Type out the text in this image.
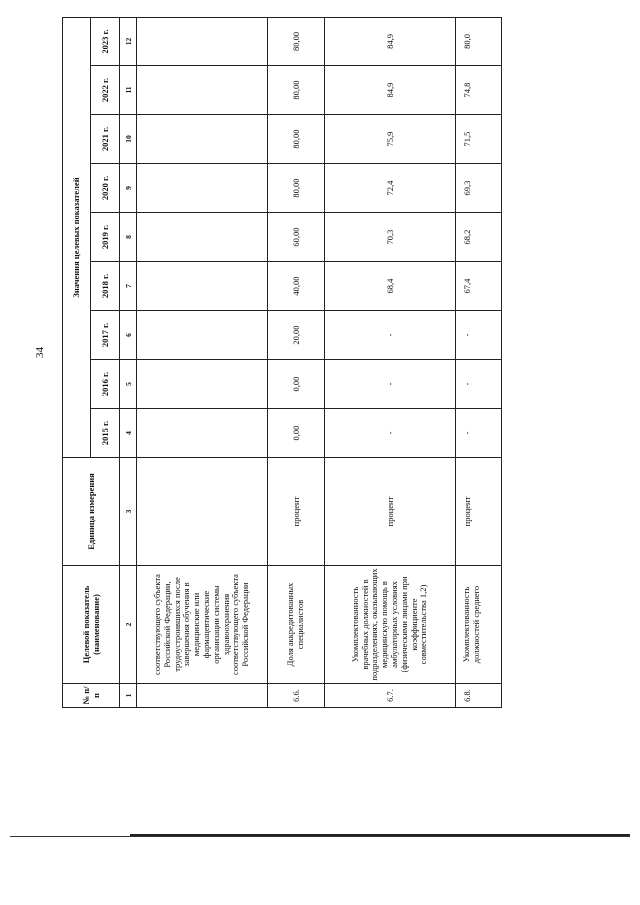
34
№ п/п	Целевой показатель (наименование)	Единица измерения	Значения целевых показателей								
			2015 г.	2016 г.	2017 г.	2018 г.	2019 г.	2020 г.	2021 г.	2022 г.	2023 г.
1	2	3	4	5	6	7	8	9	10	11	12
	соответствующего субъекта Российской Федерации, трудоустроившихся после завершения обучения в медицинские или фармацевтические организации системы здравоохранения соответствующего субъекта Российской Федерации										
6.6.	Доля аккредитованных специалистов	процент	0,00	0,00	20,00	40,00	60,00	80,00	80,00	80,00	80,00
6.7.	Укомплектованность врачебных должностей в подразделениях, оказывающих медицинскую помощь в амбулаторных условиях (физическими лицами при коэффициенте совместительства 1,2)	процент	-	-	-	68,4	70,3	72,4	75,9	84,9	84,9
6.8.	Укомплектованность должностей среднего	процент	-	-	-	67,4	68,2	69,3	71,5	74,8	80,0
